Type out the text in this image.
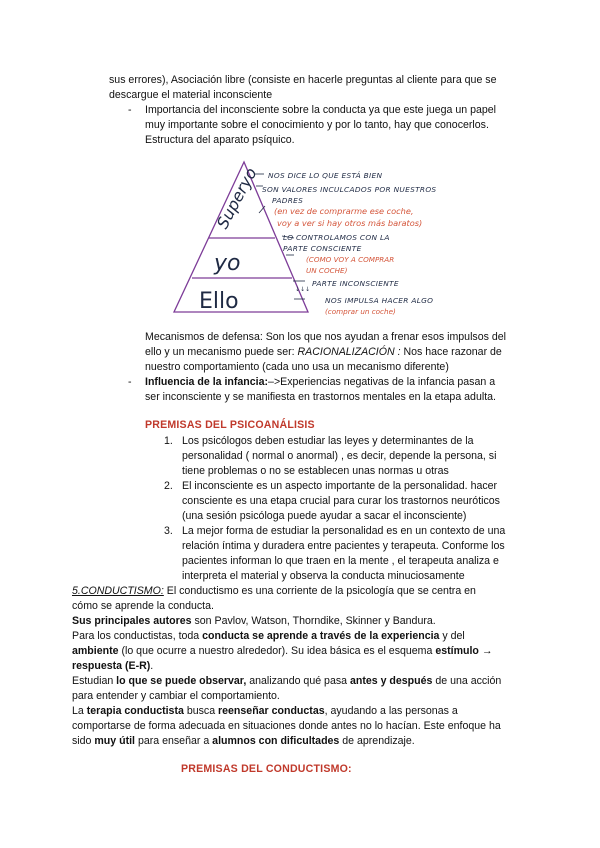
sus errores), Asociación libre (consiste en hacerle preguntas al cliente para que se
descargue el material inconsciente
- Importancia del inconsciente sobre la conducta ya que este juega un papel
muy importante sobre el conocimiento y por lo tanto, hay que conocerlos.
Estructura del aparato psíquico.
Superyo
yo
Ello	↓↓↓
NOS DICE LO QUE ESTÁ BIEN
SON VALORES INCULCADOS POR NUESTROS
PADRES
(en vez de comprarme ese coche,
voy a ver si hay otros más baratos)
LO CONTROLAMOS CON LA
PARTE CONSCIENTE
(COMO VOY A COMPRAR
UN COCHE)
PARTE INCONSCIENTE
NOS IMPULSA HACER ALGO
(comprar un coche)
Mecanismos de defensa: Son los que nos ayudan a frenar esos impulsos del
ello y un mecanismo puede ser: RACIONALIZACIÓN : Nos hace razonar de
nuestro comportamiento (cada uno usa un mecanismo diferente)
- Influencia de la infancia:–>Experiencias negativas de la infancia pasan a
ser inconsciente y se manifiesta en trastornos mentales en la etapa adulta.
PREMISAS DEL PSICOANÁLISIS
1. Los psicólogos deben estudiar las leyes y determinantes de la
personalidad ( normal o anormal) , es decir, depende la persona, si
tiene problemas o no se establecen unas normas u otras
2. El inconsciente es un aspecto importante de la personalidad. hacer
consciente es una etapa crucial para curar los trastornos neuróticos
(una sesión psicóloga puede ayudar a sacar el inconsciente)
3. La mejor forma de estudiar la personalidad es en un contexto de una
relación íntima y duradera entre pacientes y terapeuta. Conforme los
pacientes informan lo que traen en la mente , el terapeuta analiza e
interpreta el material y observa la conducta minuciosamente
5.CONDUCTISMO: El conductismo es una corriente de la psicología que se centra en
cómo se aprende la conducta.
Sus principales autores son Pavlov, Watson, Thorndike, Skinner y Bandura.
Para los conductistas, toda conducta se aprende a través de la experiencia y del
ambiente (lo que ocurre a nuestro alrededor). Su idea básica es el esquema estímulo →
respuesta (E-R).
Estudian lo que se puede observar, analizando qué pasa antes y después de una acción
para entender y cambiar el comportamiento.
La terapia conductista busca reenseñar conductas, ayudando a las personas a
comportarse de forma adecuada en situaciones donde antes no lo hacían. Este enfoque ha
sido muy útil para enseñar a alumnos con dificultades de aprendizaje.
PREMISAS DEL CONDUCTISMO:
